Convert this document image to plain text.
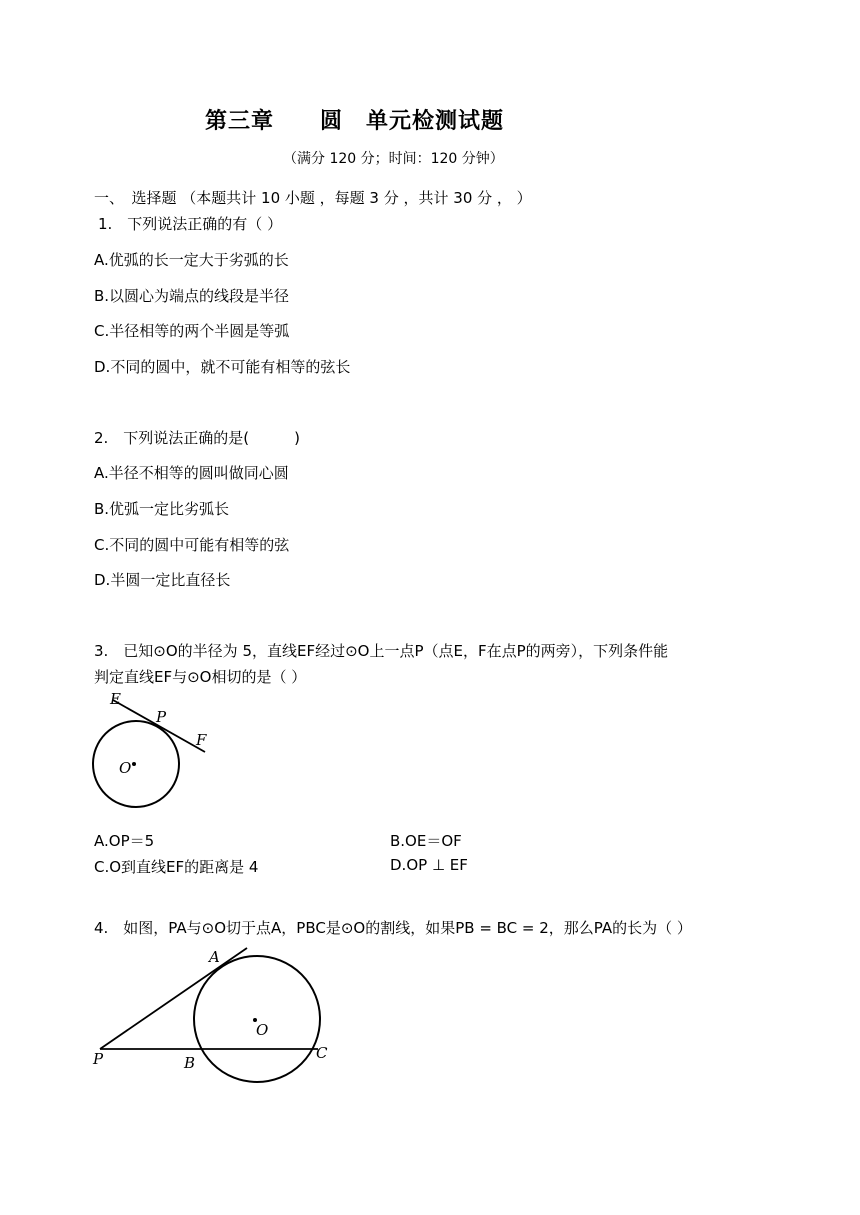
第三章　　圆　单元检测试题
（满分 120 分；时间：120 分钟）
一、　选择题 （本题共计 10 小题 ，每题 3 分 ，共计 30 分 ， ）
1.　下列说法正确的有（ ）
A.优弧的长一定大于劣弧的长
B.以圆心为端点的线段是半径
C.半径相等的两个半圆是等弧
D.不同的圆中，就不可能有相等的弦长
2.　下列说法正确的是(　　　)
A.半径不相等的圆叫做同心圆
B.优弧一定比劣弧长
C.不同的圆中可能有相等的弦
D.半圆一定比直径长
3.　已知⊙O的半径为 5，直线EF经过⊙O上一点P（点E，F在点P的两旁），下列条件能
判定直线EF与⊙O相切的是（ ）
E
P
F
O
A.OP＝5	B.OE＝OF
C.O到直线EF的距离是 4	D.OP ⊥ EF
4.　如图，PA与⊙O切于点A，PBC是⊙O的割线，如果PB = BC = 2，那么PA的长为（ ）
A
O
P	B
C
